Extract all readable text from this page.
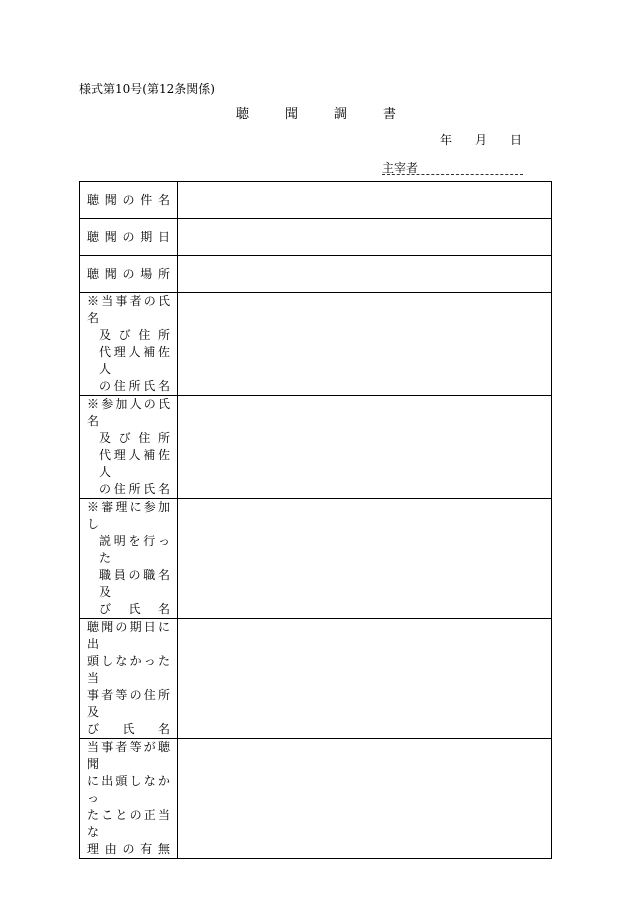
様式第10号(第12条関係)
聴	聞	調	書
年 月 日
主宰者
聴聞の件名	

聴聞の期日	

聴聞の場所	

※当事者の氏名
及び住所
代理人補佐人
の住所氏名	

※参加人の氏名
及び住所
代理人補佐人
の住所氏名	

※審理に参加し
説明を行った
職員の職名及
び氏名	

聴聞の期日に出
頭しなかった当
事者等の住所及
び氏名	

当事者等が聴聞
に出頭しなかっ
たことの正当な
理由の有無	
